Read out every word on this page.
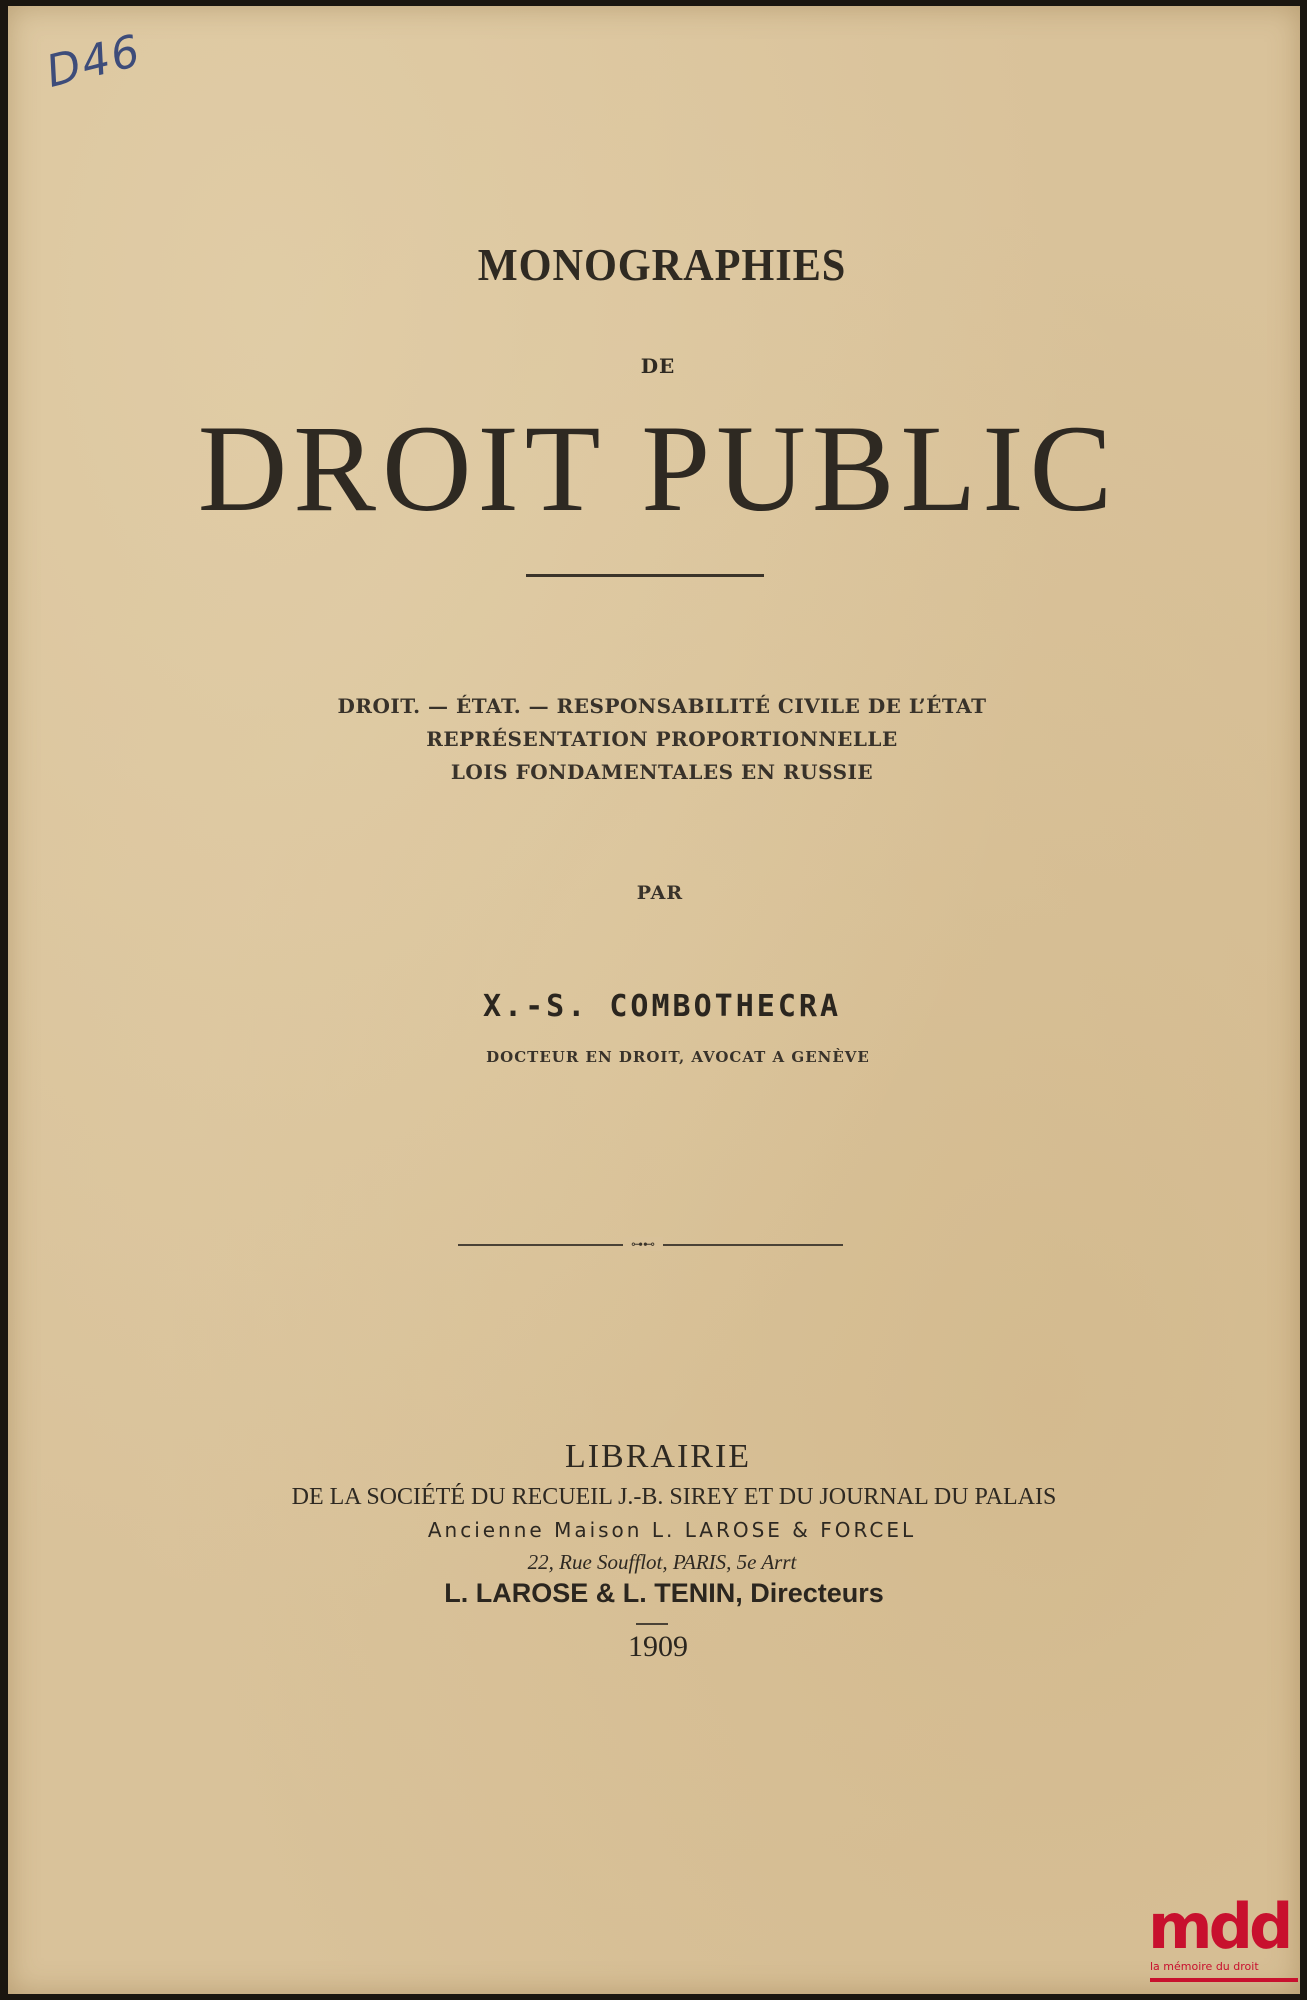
D46
MONOGRAPHIES
DE
DROIT PUBLIC
DROIT. — ÉTAT. — RESPONSABILITÉ CIVILE DE L’ÉTAT
REPRÉSENTATION PROPORTIONNELLE
LOIS FONDAMENTALES EN RUSSIE
PAR
X.-S. COMBOTHECRA
DOCTEUR EN DROIT, AVOCAT A GENÈVE
⊶⊷
LIBRAIRIE
DE LA SOCIÉTÉ DU RECUEIL J.-B. SIREY ET DU JOURNAL DU PALAIS
Ancienne Maison L. LAROSE & FORCEL
22, Rue Soufflot, PARIS, 5e Arrt
L. LAROSE & L. TENIN, Directeurs
1909
mdd
la mémoire du droit
